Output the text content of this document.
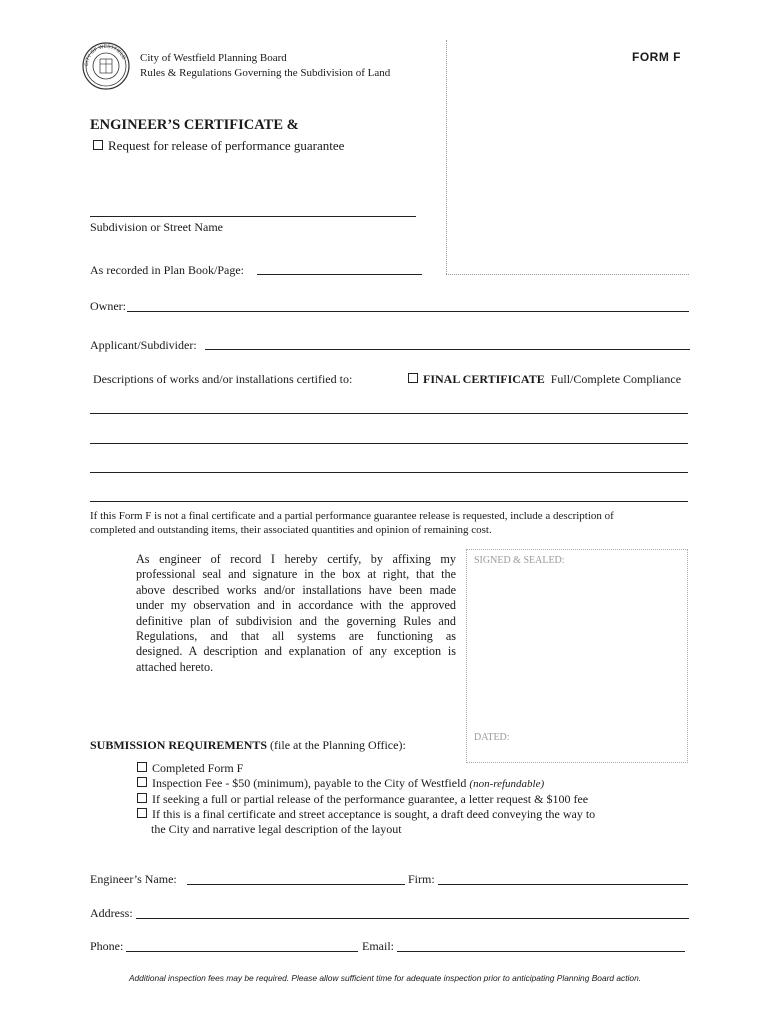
CITY OF WESTFIELD City of Westfield Planning Board
Rules & Regulations Governing the Subdivision of Land
FORM F
ENGINEER’S CERTIFICATE &
Request for release of performance guarantee
Subdivision or Street Name
As recorded in Plan Book/Page:
Owner:
Applicant/Subdivider:
Descriptions of works and/or installations certified to:	FINAL CERTIFICATE Full/Complete Compliance
If this Form F is not a final certificate and a partial performance guarantee release is requested, include a description of
completed and outstanding items, their associated quantities and opinion of remaining cost.
As engineer of record I hereby certify, by affixing my
professional seal and signature in the box at right, that the
above described works and/or installations have been made
under my observation and in accordance with the approved
definitive plan of subdivision and the governing Rules and
Regulations, and that all systems are functioning as
designed. A description and explanation of any exception is
attached hereto.
SIGNED & SEALED:
DATED:
SUBMISSION REQUIREMENTS (file at the Planning Office):
Completed Form F
Inspection Fee - $50 (minimum), payable to the City of Westfield (non-refundable)
If seeking a full or partial release of the performance guarantee, a letter request & $100 fee
If this is a final certificate and street acceptance is sought, a draft deed conveying the way to
the City and narrative legal description of the layout
Engineer’s Name:	Firm:
Address:
Phone:	Email:
Additional inspection fees may be required. Please allow sufficient time for adequate inspection prior to anticipating Planning Board action.
